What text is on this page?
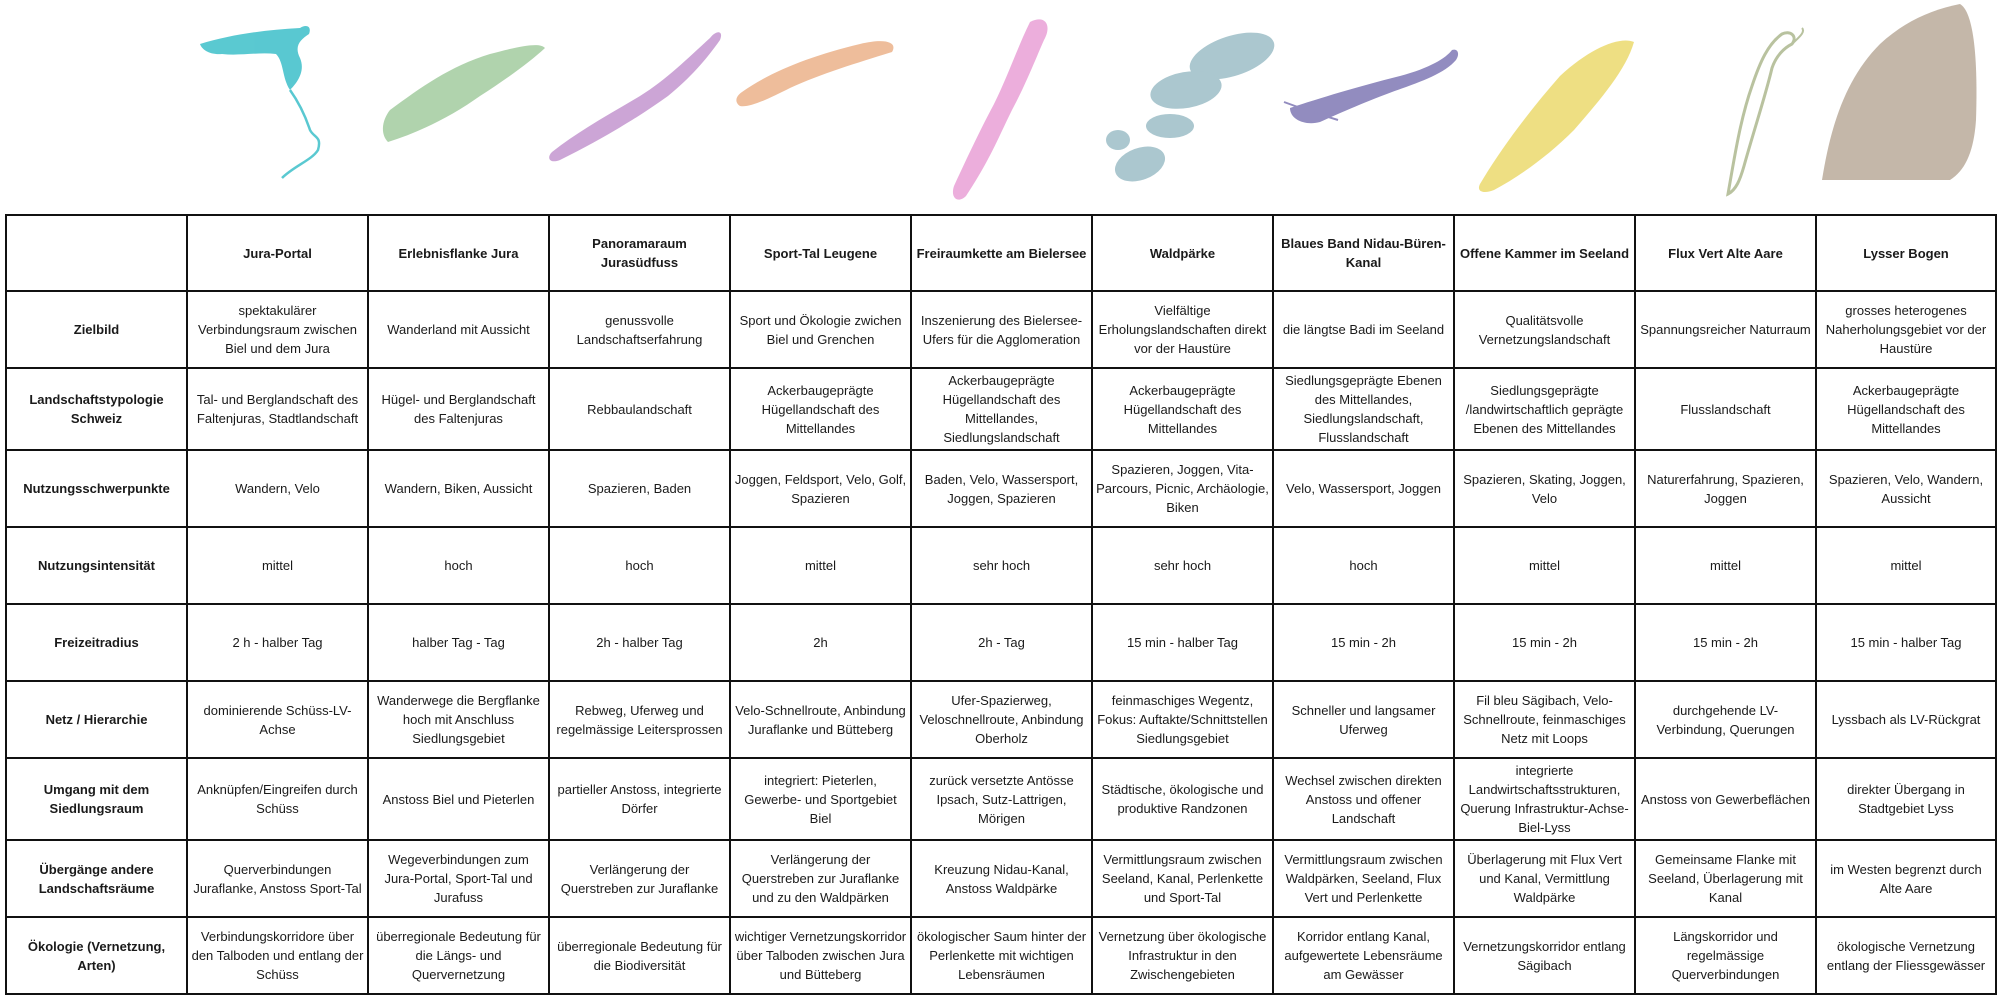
	Jura-Portal	Erlebnisflanke Jura	Panoramaraum Jurasüdfuss	Sport-Tal Leugene	Freiraumkette am Bielersee	Waldpärke	Blaues Band Nidau-Büren-Kanal	Offene Kammer im Seeland	Flux Vert Alte Aare	Lysser Bogen
Zielbild	spektakulärer Verbindungsraum zwischen Biel und dem Jura	Wanderland mit Aussicht	genussvolle Landschaftserfahrung	Sport und Ökologie zwichen Biel und Grenchen	Inszenierung des Bielersee-Ufers für die Agglomeration	Vielfältige Erholungslandschaften direkt vor der Haustüre	die längtse Badi im Seeland	Qualitätsvolle Vernetzungslandschaft	Spannungsreicher Naturraum	grosses heterogenes Naherholungsgebiet vor der Haustüre
Landschaftstypologie Schweiz	Tal- und Berglandschaft des Faltenjuras, Stadtlandschaft	Hügel- und Berglandschaft des Faltenjuras	Rebbaulandschaft	Ackerbaugeprägte Hügellandschaft des Mittellandes	Ackerbaugeprägte Hügellandschaft des Mittellandes, Siedlungslandschaft	Ackerbaugeprägte Hügellandschaft des Mittellandes	Siedlungsgeprägte Ebenen des Mittellandes, Siedlungslandschaft, Flusslandschaft	Siedlungsgeprägte /landwirtschaftlich geprägte Ebenen des Mittellandes	Flusslandschaft	Ackerbaugeprägte Hügellandschaft des Mittellandes
Nutzungsschwerpunkte	Wandern, Velo	Wandern, Biken, Aussicht	Spazieren, Baden	Joggen, Feldsport, Velo, Golf, Spazieren	Baden, Velo, Wassersport, Joggen, Spazieren	Spazieren, Joggen, Vita-Parcours, Picnic, Archäologie, Biken	Velo, Wassersport, Joggen	Spazieren, Skating, Joggen, Velo	Naturerfahrung, Spazieren, Joggen	Spazieren, Velo, Wandern, Aussicht
Nutzungsintensität	mittel	hoch	hoch	mittel	sehr hoch	sehr hoch	hoch	mittel	mittel	mittel
Freizeitradius	2 h - halber Tag	halber Tag - Tag	2h - halber Tag	2h	2h - Tag	15 min - halber Tag	15 min - 2h	15 min - 2h	15 min - 2h	15 min - halber Tag
Netz / Hierarchie	dominierende Schüss-LV-Achse	Wanderwege die Bergflanke hoch mit Anschluss Siedlungsgebiet	Rebweg, Uferweg und regelmässige Leitersprossen	Velo-Schnellroute, Anbindung Juraflanke und Bütteberg	Ufer-Spazierweg, Veloschnellroute, Anbindung Oberholz	feinmaschiges Wegentz, Fokus: Auftakte/Schnittstellen Siedlungsgebiet	Schneller und langsamer Uferweg	Fil bleu Sägibach, Velo-Schnellroute, feinmaschiges Netz mit Loops	durchgehende LV-Verbindung, Querungen	Lyssbach als LV-Rückgrat
Umgang mit dem Siedlungsraum	Anknüpfen/Eingreifen durch Schüss	Anstoss Biel und Pieterlen	partieller Anstoss, integrierte Dörfer	integriert: Pieterlen, Gewerbe- und Sportgebiet Biel	zurück versetzte Antösse Ipsach, Sutz-Lattrigen, Mörigen	Städtische, ökologische und produktive Randzonen	Wechsel zwischen direkten Anstoss und offener Landschaft	integrierte Landwirtschaftsstrukturen, Querung Infrastruktur-Achse-Biel-Lyss	Anstoss von Gewerbeflächen	direkter Übergang in Stadtgebiet Lyss
Übergänge andere Landschaftsräume	Querverbindungen Juraflanke, Anstoss Sport-Tal	Wegeverbindungen zum Jura-Portal, Sport-Tal und Jurafuss	Verlängerung der Querstreben zur Juraflanke	Verlängerung der Querstreben zur Juraflanke und zu den Waldpärken	Kreuzung Nidau-Kanal, Anstoss Waldpärke	Vermittlungsraum zwischen Seeland, Kanal, Perlenkette und Sport-Tal	Vermittlungsraum zwischen Waldpärken, Seeland, Flux Vert und Perlenkette	Überlagerung mit Flux Vert und Kanal, Vermittlung Waldpärke	Gemeinsame Flanke mit Seeland, Überlagerung mit Kanal	im Westen begrenzt durch Alte Aare
Ökologie (Vernetzung, Arten)	Verbindungskorridore über den Talboden und entlang der Schüss	überregionale Bedeutung für die Längs- und Quervernetzung	überregionale Bedeutung für die Biodiversität	wichtiger Vernetzungskorridor über Talboden zwischen Jura und Bütteberg	ökologischer Saum hinter der Perlenkette mit wichtigen Lebensräumen	Vernetzung über ökologische Infrastruktur in den Zwischengebieten	Korridor entlang Kanal, aufgewertete Lebensräume am Gewässer	Vernetzungskorridor entlang Sägibach	Längskorridor und regelmässige Querverbindungen	ökologische Vernetzung entlang der Fliessgewässer
